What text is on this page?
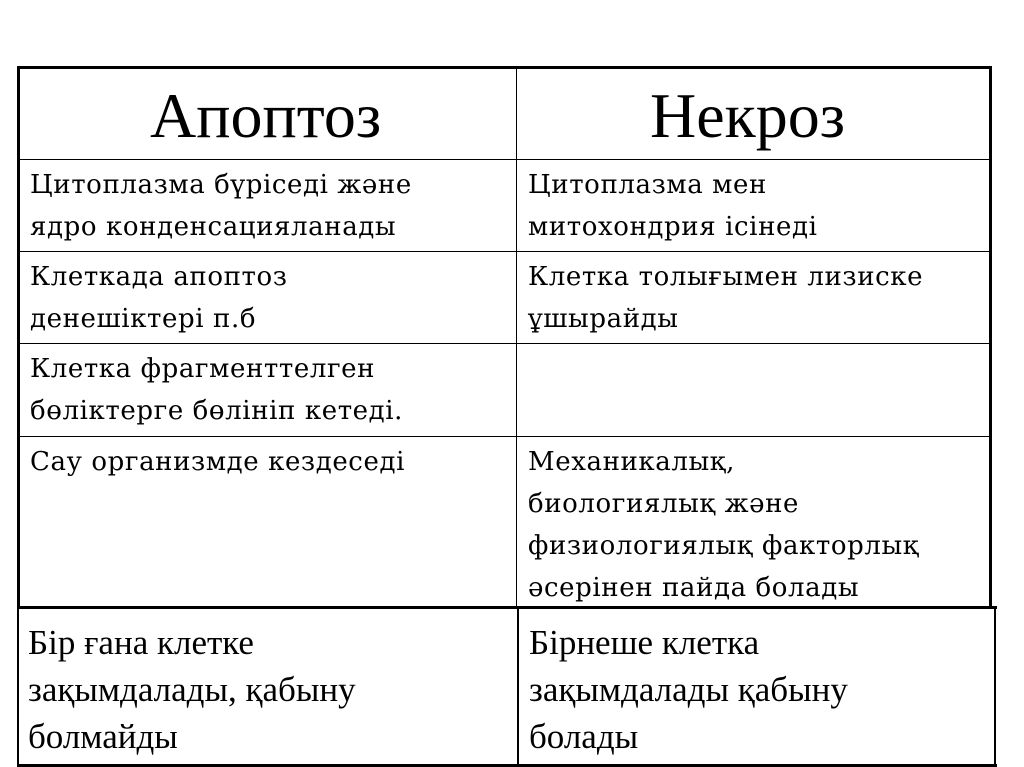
Апоптоз	Некроз
Цитоплазма бүріседі және
ядро конденсацияланады
Цитоплазма мен
митохондрия ісінеді
Клеткада апоптоз
денешіктері п.б
Клетка толығымен лизиске
ұшырайды
Клетка фрагменттелген
бөліктерге бөлініп кетеді.
Сау организмде кездеседі	Механикалық,
биологиялық және
физиологиялық факторлық
әсерінен пайда болады
Бір ғана клетке
зақымдалады, қабыну
болмайды
Бірнеше клетка
зақымдалады қабыну
болады
